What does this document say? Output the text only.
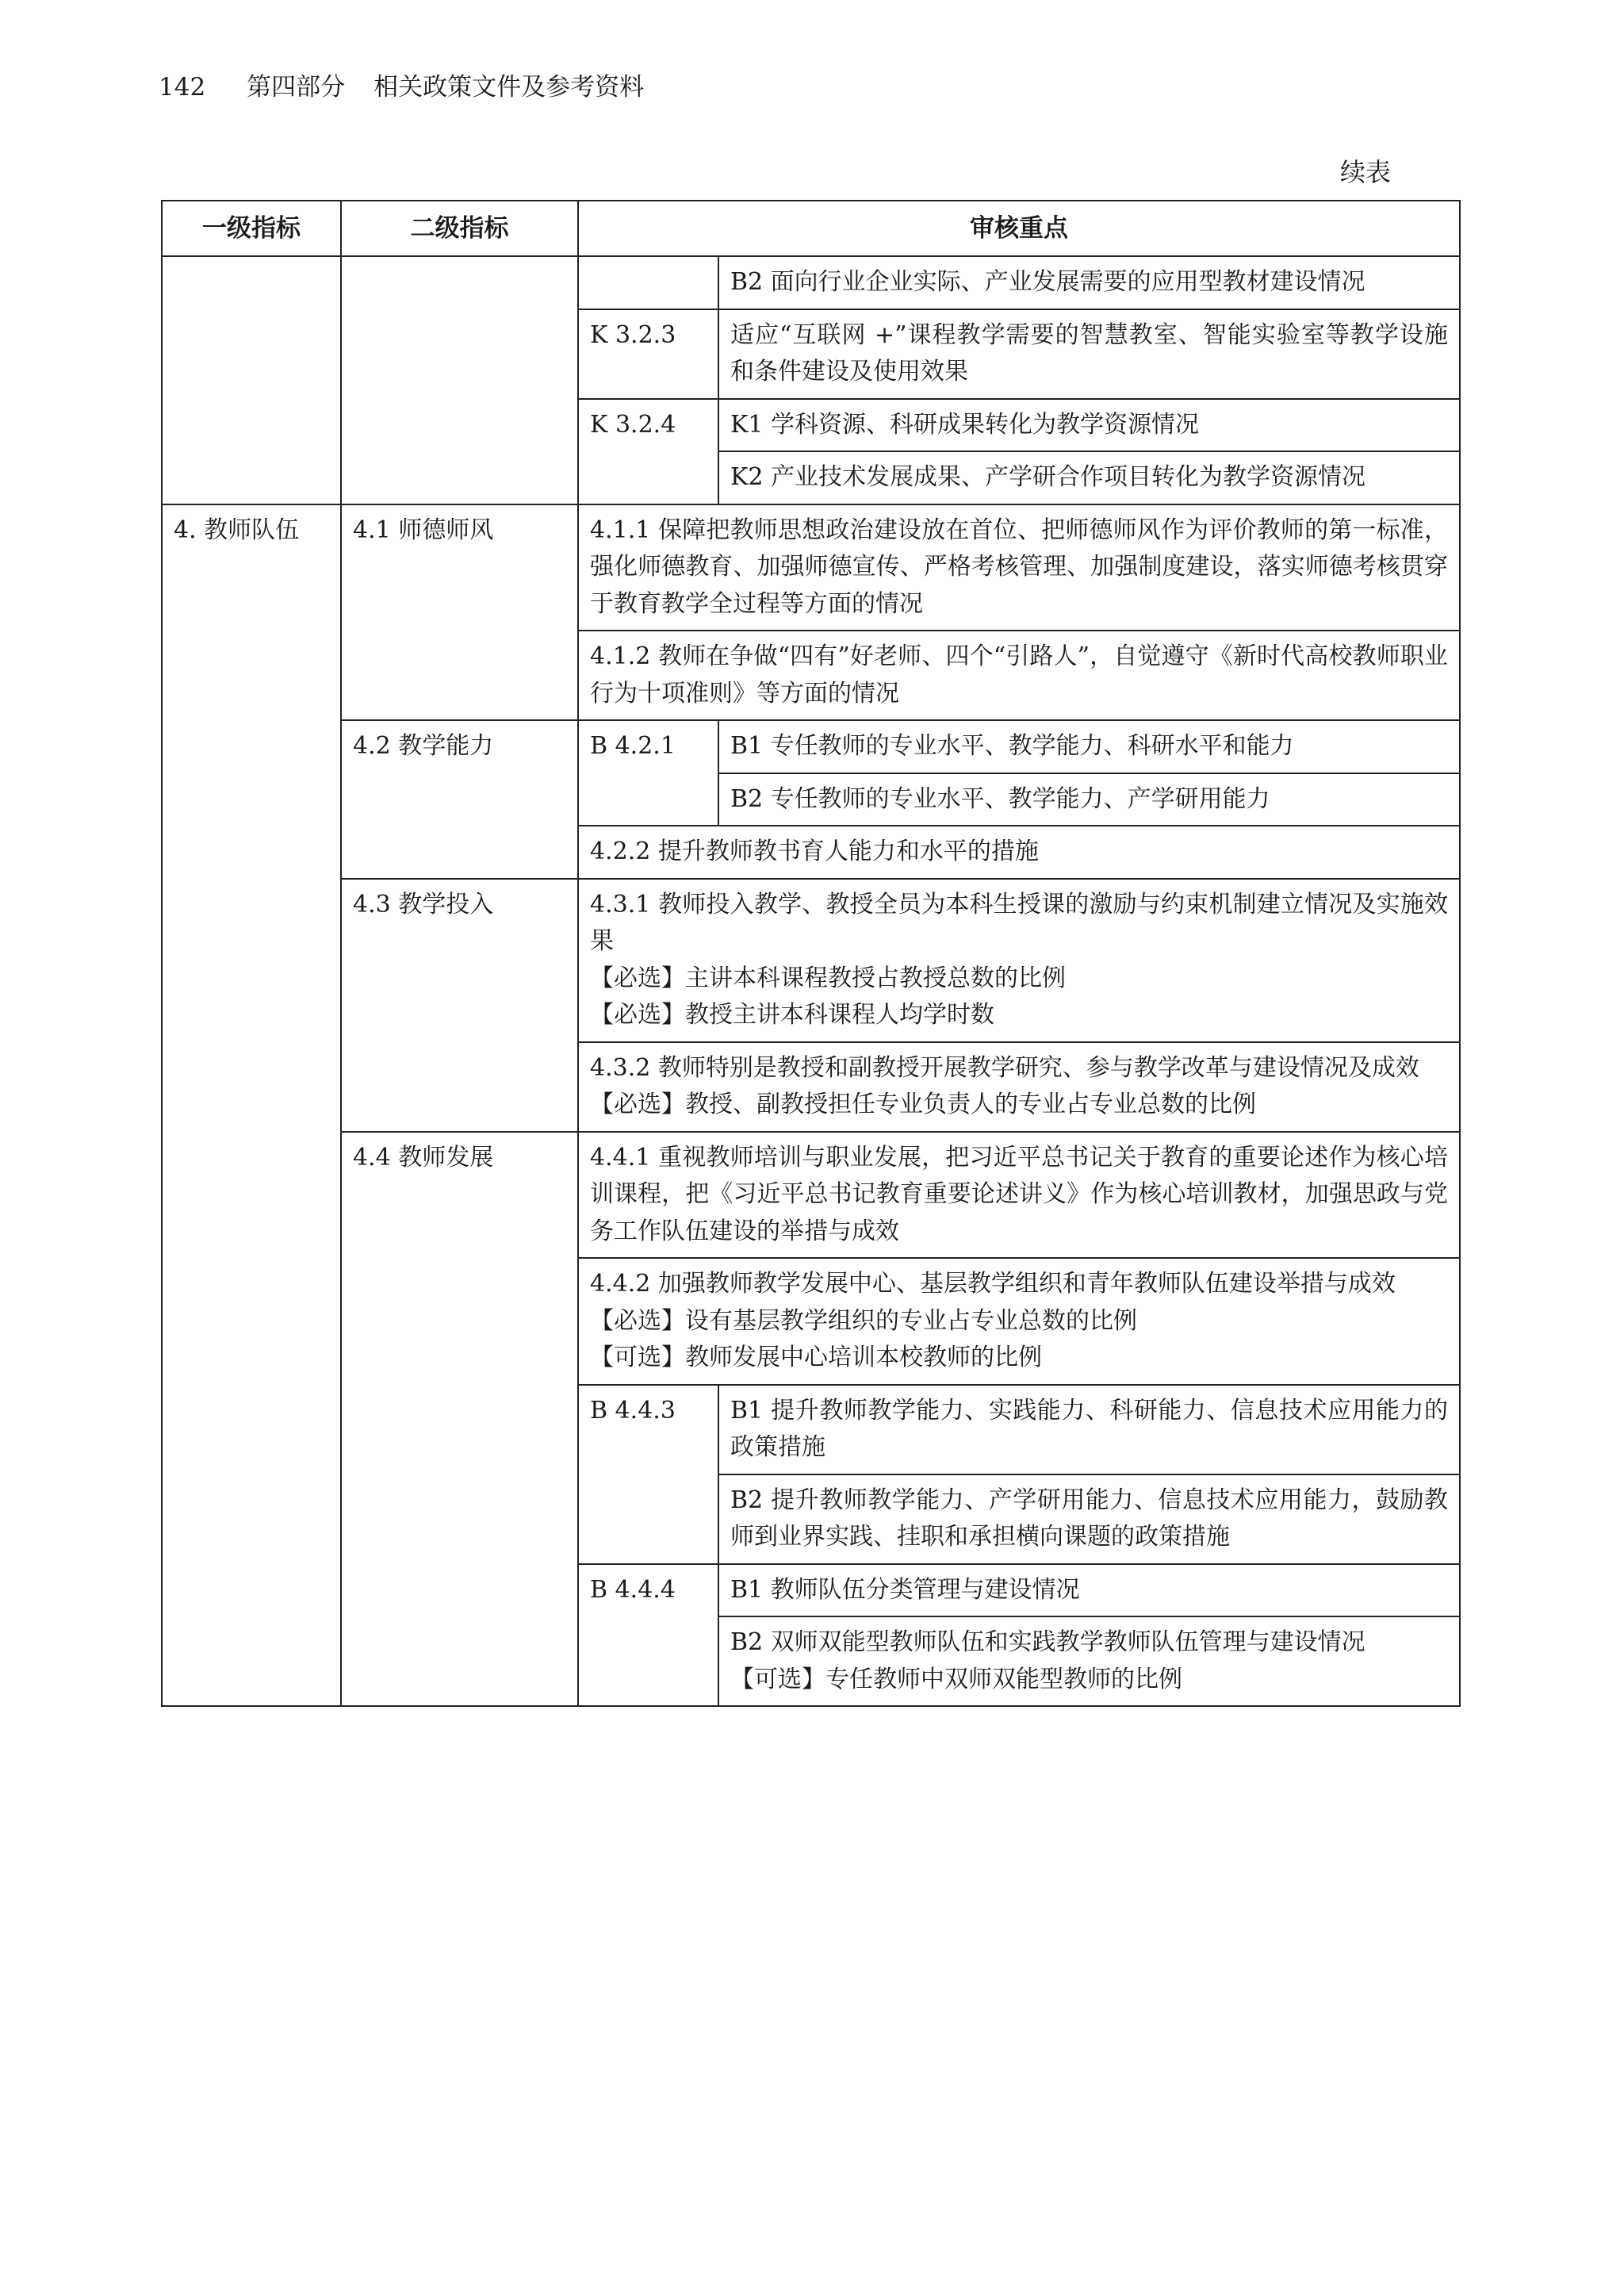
142 第四部分 相关政策文件及参考资料
续表
一级指标	二级指标	审核重点	

			B2 面向行业企业实际、产业发展需要的应用型教材建设情况

		K 3.2.3	适应“互联网 +”课程教学需要的智慧教室、智能实验室等教学设施和条件建设及使用效果

		K 3.2.4	K1 学科资源、科研成果转化为教学资源情况

			K2 产业技术发展成果、产学研合作项目转化为教学资源情况

4. 教师队伍	4.1 师德师风	4.1.1 保障把教师思想政治建设放在首位、把师德师风作为评价教师的第一标准，强化师德教育、加强师德宣传、严格考核管理、加强制度建设，落实师德考核贯穿于教育教学全过程等方面的情况	

		4.1.2 教师在争做“四有”好老师、四个“引路人”，自觉遵守《新时代高校教师职业行为十项准则》等方面的情况	

	4.2 教学能力	B 4.2.1	B1 专任教师的专业水平、教学能力、科研水平和能力

			B2 专任教师的专业水平、教学能力、产学研用能力

		4.2.2 提升教师教书育人能力和水平的措施	

	4.3 教学投入	4.3.1 教师投入教学、教授全员为本科生授课的激励与约束机制建立情况及实施效果
【必选】主讲本科课程教授占教授总数的比例
【必选】教授主讲本科课程人均学时数	

		4.3.2 教师特别是教授和副教授开展教学研究、参与教学改革与建设情况及成效
【必选】教授、副教授担任专业负责人的专业占专业总数的比例	

	4.4 教师发展	4.4.1 重视教师培训与职业发展，把习近平总书记关于教育的重要论述作为核心培训课程，把《习近平总书记教育重要论述讲义》作为核心培训教材，加强思政与党务工作队伍建设的举措与成效	

		4.4.2 加强教师教学发展中心、基层教学组织和青年教师队伍建设举措与成效
【必选】设有基层教学组织的专业占专业总数的比例
【可选】教师发展中心培训本校教师的比例	

		B 4.4.3	B1 提升教师教学能力、实践能力、科研能力、信息技术应用能力的政策措施

			B2 提升教师教学能力、产学研用能力、信息技术应用能力，鼓励教师到业界实践、挂职和承担横向课题的政策措施

		B 4.4.4	B1 教师队伍分类管理与建设情况

			B2 双师双能型教师队伍和实践教学教师队伍管理与建设情况
【可选】专任教师中双师双能型教师的比例
